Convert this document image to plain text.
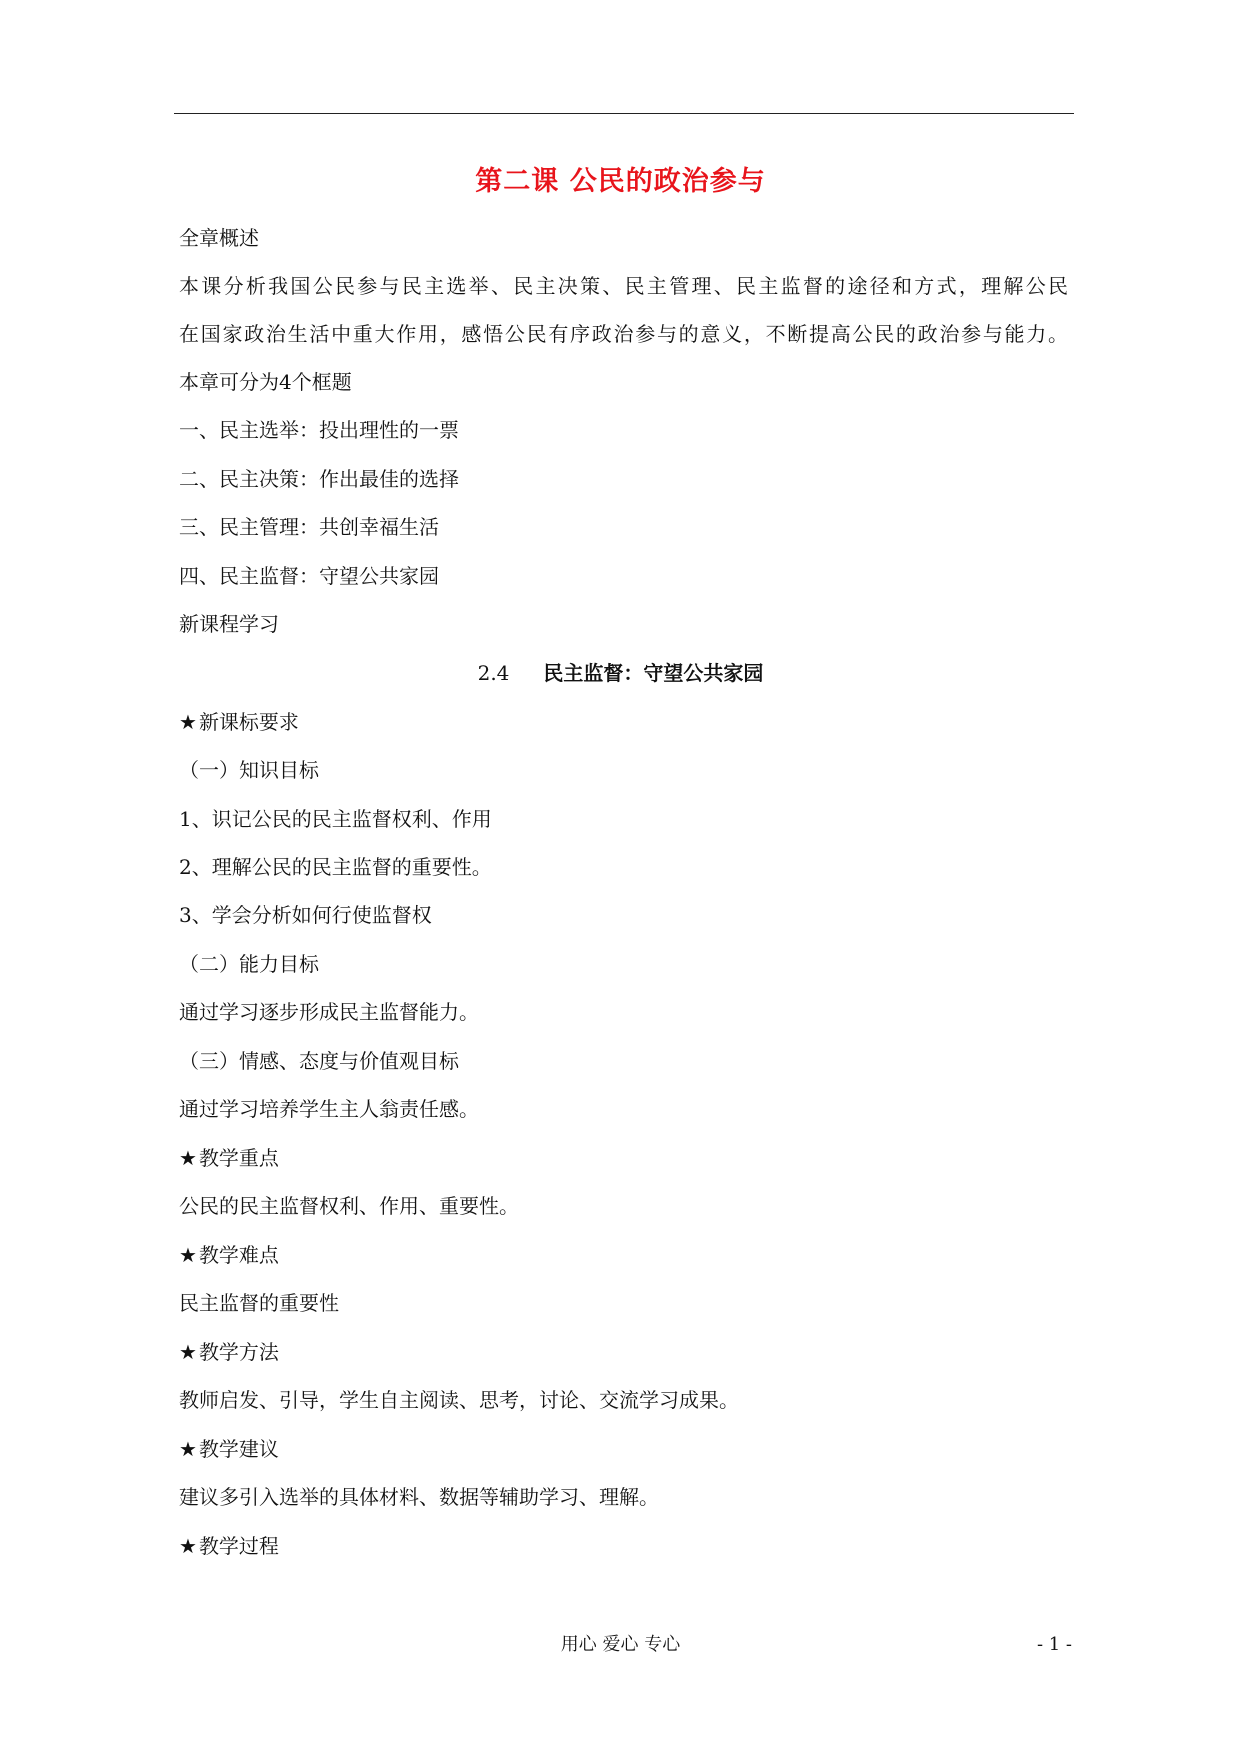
第二课 公民的政治参与
全章概述
本课分析我国公民参与民主选举、民主决策、民主管理、民主监督的途径和方式，理解公民
在国家政治生活中重大作用，感悟公民有序政治参与的意义，不断提高公民的政治参与能力。
本章可分为4个框题
一、民主选举：投出理性的一票
二、民主决策：作出最佳的选择
三、民主管理：共创幸福生活
四、民主监督：守望公共家园
新课程学习
2.4 民主监督：守望公共家园
★ 新课标要求
（一）知识目标
1、识记公民的民主监督权利、作用
2、理解公民的民主监督的重要性。
3、学会分析如何行使监督权
（二）能力目标
通过学习逐步形成民主监督能力。
（三）情感、态度与价值观目标
通过学习培养学生主人翁责任感。
★ 教学重点
公民的民主监督权利、作用、重要性。
★ 教学难点
民主监督的重要性
★ 教学方法
教师启发、引导，学生自主阅读、思考，讨论、交流学习成果。
★ 教学建议
建议多引入选举的具体材料、数据等辅助学习、理解。
★ 教学过程
用心 爱心 专心	- 1 -
